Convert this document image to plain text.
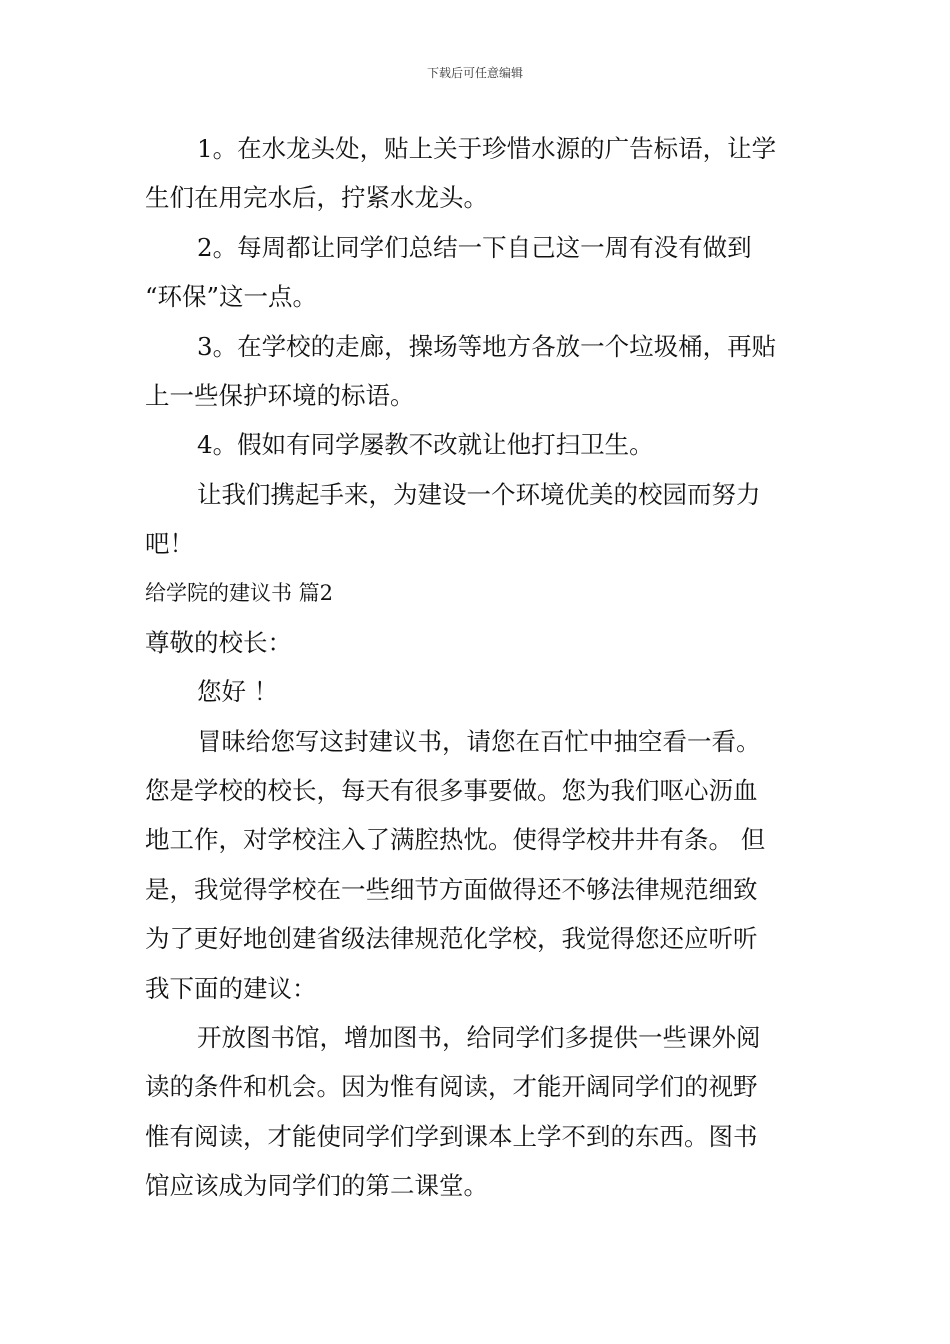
下载后可任意编辑
1。在水龙头处，贴上关于珍惜水源的广告标语，让学
生们在用完水后，拧紧水龙头。
2。每周都让同学们总结一下自己这一周有没有做到
“环保”这一点。
3。在学校的走廊，操场等地方各放一个垃圾桶，再贴
上一些保护环境的标语。
4。假如有同学屡教不改就让他打扫卫生。
让我们携起手来，为建设一个环境优美的校园而努力
吧！
给学院的建议书 篇2
尊敬的校长：
您好 ！
冒昧给您写这封建议书，请您在百忙中抽空看一看。
您是学校的校长，每天有很多事要做。您为我们呕心沥血
地工作，对学校注入了满腔热忱。使得学校井井有条。 但
是，我觉得学校在一些细节方面做得还不够法律规范细致
为了更好地创建省级法律规范化学校，我觉得您还应听听
我下面的建议：
开放图书馆，增加图书，给同学们多提供一些课外阅
读的条件和机会。因为惟有阅读，才能开阔同学们的视野
惟有阅读，才能使同学们学到课本上学不到的东西。图书
馆应该成为同学们的第二课堂。
